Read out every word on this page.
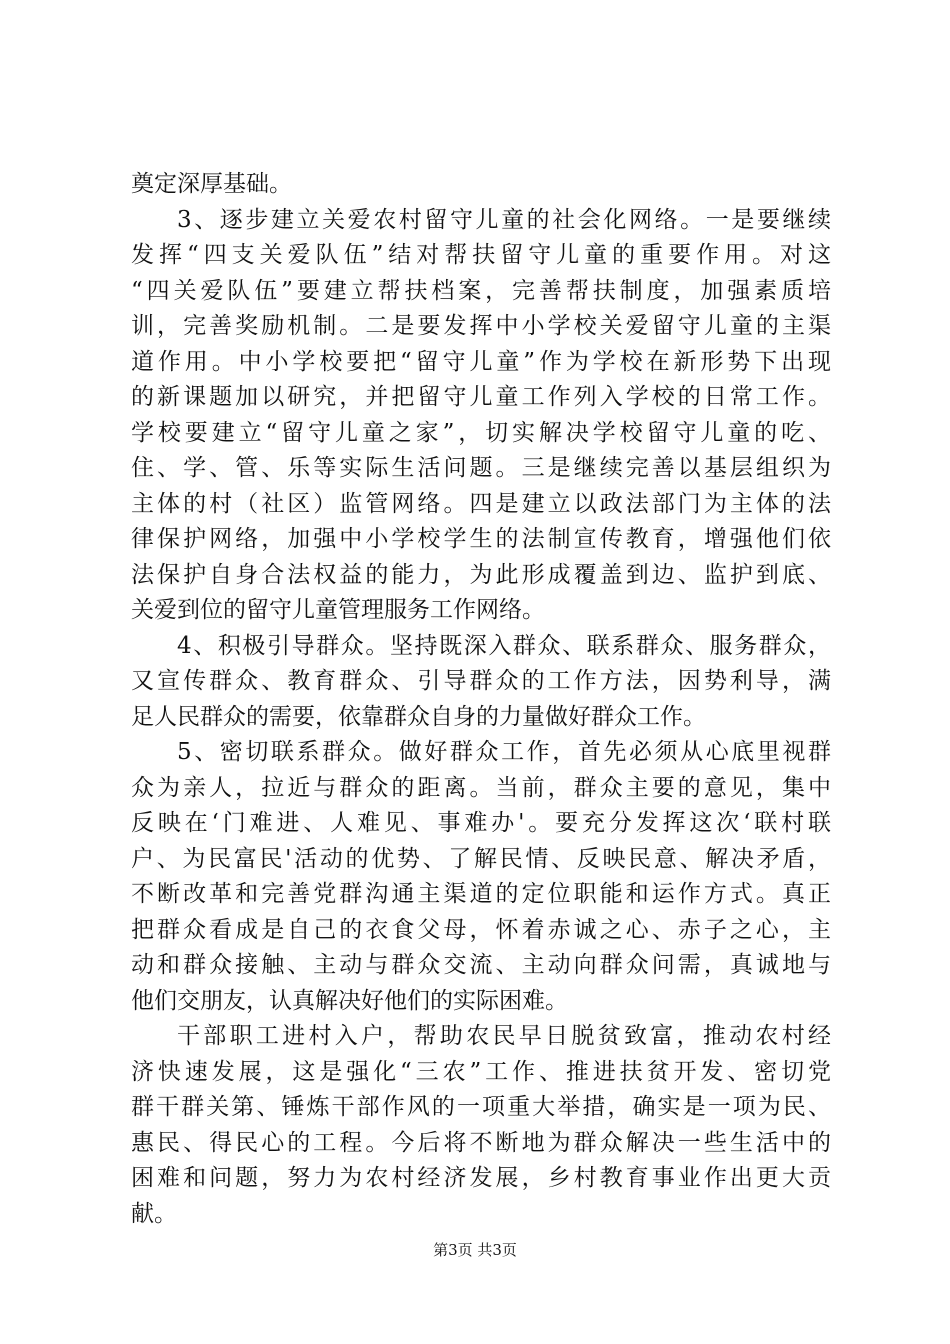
奠定深厚基础。
3、逐步建立关爱农村留守儿童的社会化网络。一是要继续
发挥“四支关爱队伍”结对帮扶留守儿童的重要作用。对这
“四关爱队伍”要建立帮扶档案，完善帮扶制度，加强素质培
训，完善奖励机制。二是要发挥中小学校关爱留守儿童的主渠
道作用。中小学校要把“留守儿童”作为学校在新形势下出现
的新课题加以研究，并把留守儿童工作列入学校的日常工作。
学校要建立“留守儿童之家”，切实解决学校留守儿童的吃、
住、学、管、乐等实际生活问题。三是继续完善以基层组织为
主体的村（社区）监管网络。四是建立以政法部门为主体的法
律保护网络，加强中小学校学生的法制宣传教育，增强他们依
法保护自身合法权益的能力，为此形成覆盖到边、监护到底、
关爱到位的留守儿童管理服务工作网络。
4、积极引导群众。坚持既深入群众、联系群众、服务群众，
又宣传群众、教育群众、引导群众的工作方法，因势利导，满
足人民群众的需要，依靠群众自身的力量做好群众工作。
5、密切联系群众。做好群众工作，首先必须从心底里视群
众为亲人，拉近与群众的距离。当前，群众主要的意见，集中
反映在‘门难进、人难见、事难办'。要充分发挥这次‘联村联
户、为民富民'活动的优势、了解民情、反映民意、解决矛盾，
不断改革和完善党群沟通主渠道的定位职能和运作方式。真正
把群众看成是自己的衣食父母，怀着赤诚之心、赤子之心，主
动和群众接触、主动与群众交流、主动向群众问需，真诚地与
他们交朋友，认真解决好他们的实际困难。
干部职工进村入户，帮助农民早日脱贫致富，推动农村经
济快速发展，这是强化“三农”工作、推进扶贫开发、密切党
群干群关第、锤炼干部作风的一项重大举措，确实是一项为民、
惠民、得民心的工程。今后将不断地为群众解决一些生活中的
困难和问题，努力为农村经济发展，乡村教育事业作出更大贡
献。
第3页 共3页
